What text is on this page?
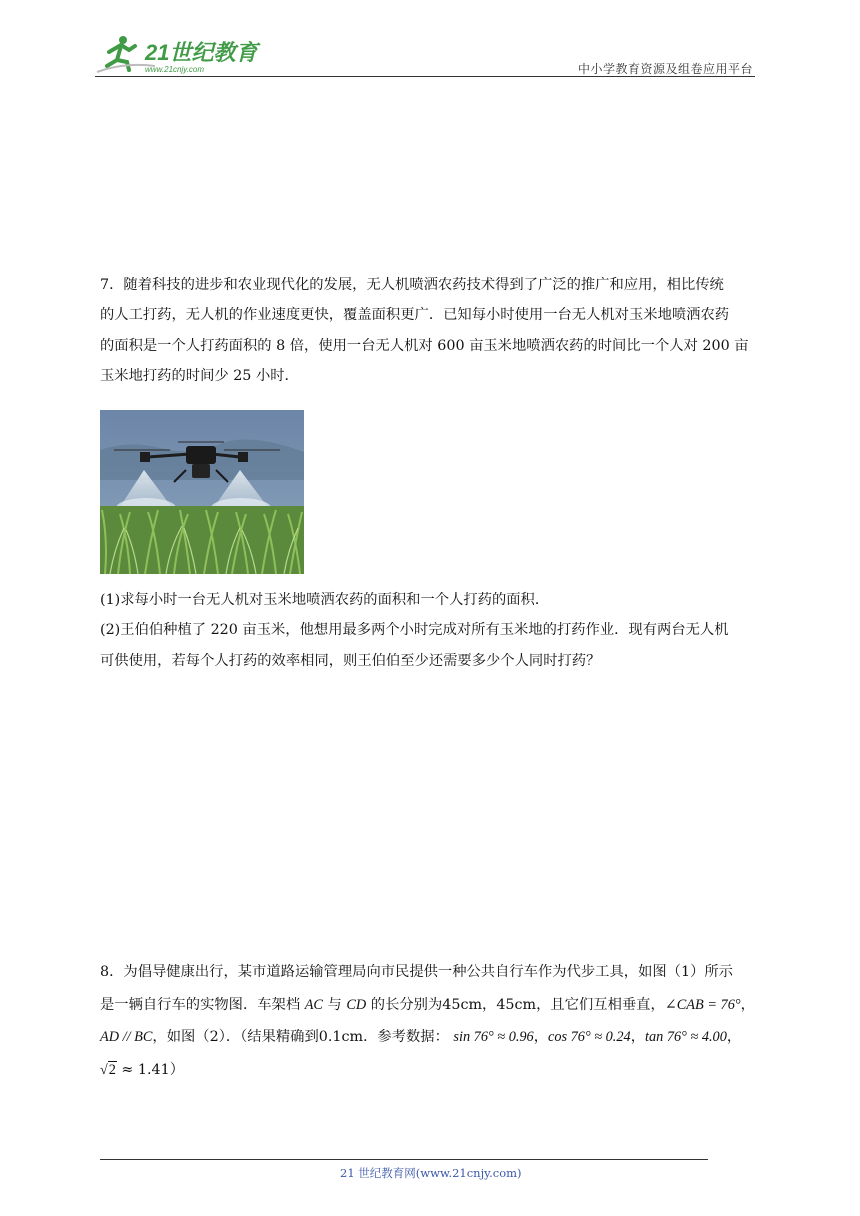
21世纪教育
www.21cnjy.com	中小学教育资源及组卷应用平台

7．随着科技的进步和农业现代化的发展，无人机喷洒农药技术得到了广泛的推广和应用，相比传统

的人工打药，无人机的作业速度更快，覆盖面积更广．已知每小时使用一台无人机对玉米地喷洒农药

的面积是一个人打药面积的 8 倍，使用一台无人机对 600 亩玉米地喷洒农药的时间比一个人对 200 亩

玉米地打药的时间少 25 小时．

(1)求每小时一台无人机对玉米地喷洒农药的面积和一个人打药的面积．

(2)王伯伯种植了 220 亩玉米，他想用最多两个小时完成对所有玉米地的打药作业．现有两台无人机

可供使用，若每个人打药的效率相同，则王伯伯至少还需要多少个人同时打药？

8．为倡导健康出行，某市道路运输管理局向市民提供一种公共自行车作为代步工具，如图（1）所示

是一辆自行车的实物图．车架档 AC 与 CD 的长分别为45cm，45cm，且它们互相垂直，∠CAB = 76°，

AD // BC，如图（2）．（结果精确到0.1cm．参考数据： sin 76° ≈ 0.96，cos 76° ≈ 0.24，tan 76° ≈ 4.00，

√2 ≈ 1.41）

21 世纪教育网(www.21cnjy.com)
